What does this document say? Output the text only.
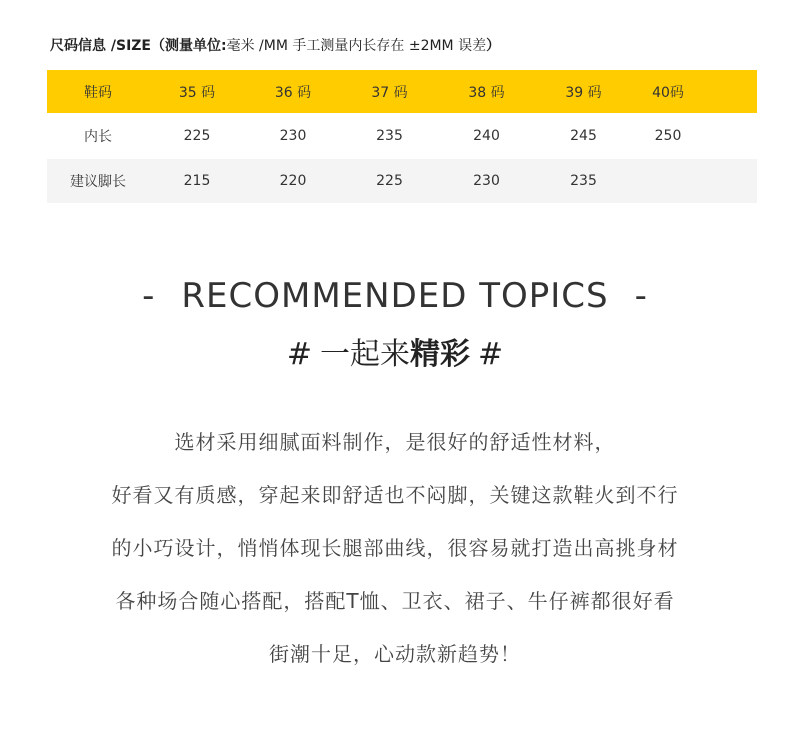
尺码信息 /SIZE（测量单位:毫米 /MM 手工测量内长存在 ±2MM 误差）
鞋码	35 码	36 码	37 码	38 码	39 码	40码	
内长	225	230	235	240	245	250	
建议脚长	215	220	225	230	235		
- RECOMMENDED TOPICS -
# 一起来精彩 #

选材采用细腻面料制作，是很好的舒适性材料，

好看又有质感，穿起来即舒适也不闷脚，关键这款鞋火到不行

的小巧设计，悄悄体现长腿部曲线，很容易就打造出高挑身材

各种场合随心搭配，搭配T恤、卫衣、裙子、牛仔裤都很好看

街潮十足，心动款新趋势！
